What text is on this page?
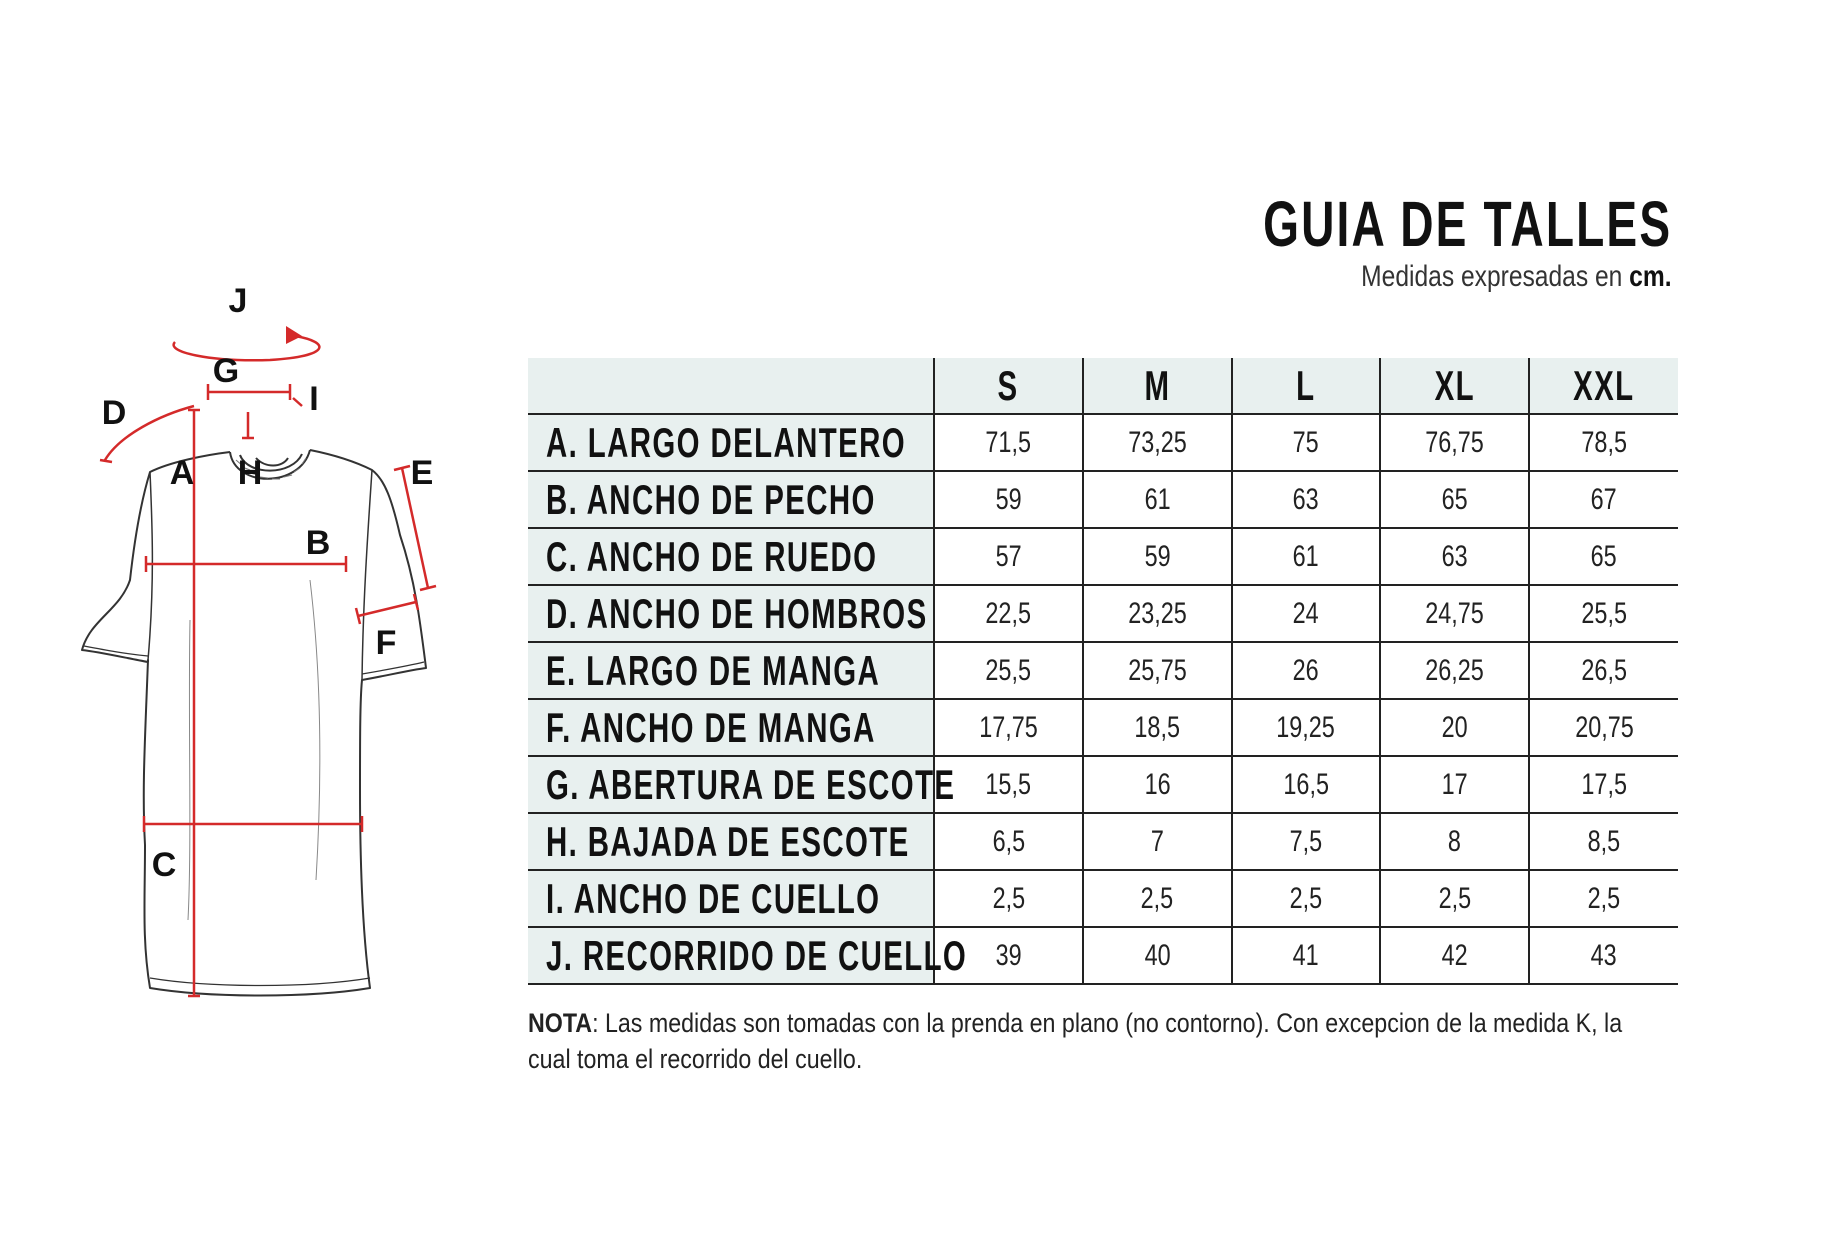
GUIA DE TALLES
Medidas expresadas en cm.
J
G
I
D
A H	E
B
F
C
	S	M	L	XL	XXL
A. LARGO DELANTERO	71,5	73,25	75	76,75	78,5
B. ANCHO DE PECHO	59	61	63	65	67
C. ANCHO DE RUEDO	57	59	61	63	65
D. ANCHO DE HOMBROS	22,5	23,25	24	24,75	25,5
E. LARGO DE MANGA	25,5	25,75	26	26,25	26,5
F. ANCHO DE MANGA	17,75	18,5	19,25	20	20,75
G. ABERTURA DE ESCOTE	15,5	16	16,5	17	17,5
H. BAJADA DE ESCOTE	6,5	7	7,5	8	8,5
I. ANCHO DE CUELLO	2,5	2,5	2,5	2,5	2,5
J. RECORRIDO DE CUELLO	39	40	41	42	43
NOTA: Las medidas son tomadas con la prenda en plano (no contorno). Con excepcion de la medida K, la cual toma el recorrido del cuello.
